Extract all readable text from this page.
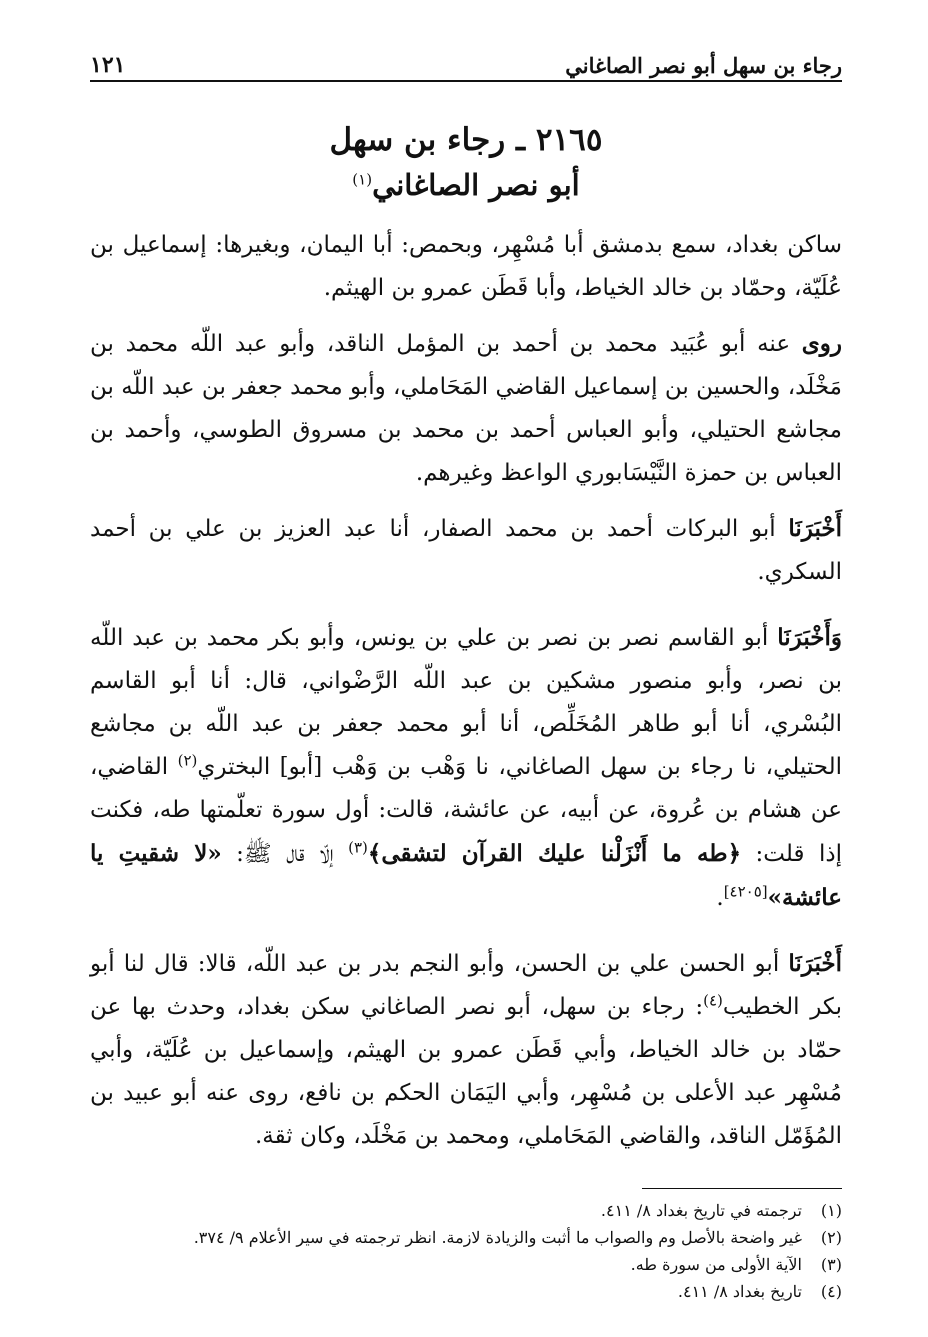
رجاء بن سهل أبو نصر الصاغاني
١٢١
٢١٦٥ ـ رجاء بن سهل
أبو نصر الصاغاني$^{(١)}$

ساكن بغداد، سمع بدمشق أبا مُسْهِر، وبحمص: أبا اليمان، وبغيرها: إسماعيل بن عُلَيّة، وحمّاد بن خالد الخياط، وأبا قَطَن عمرو بن الهيثم.

روى عنه أبو عُبَيد محمد بن أحمد بن المؤمل الناقد، وأبو عبد اللّه محمد بن مَخْلَد، والحسين بن إسماعيل القاضي المَحَاملي، وأبو محمد جعفر بن عبد اللّه بن مجاشع الحتيلي، وأبو العباس أحمد بن محمد بن مسروق الطوسي، وأحمد بن العباس بن حمزة النَّيْسَابوري الواعظ وغيرهم.

أَخْبَرَنَا أبو البركات أحمد بن محمد الصفار، أنا عبد العزيز بن علي بن أحمد السكري.

وَأَخْبَرَنَا أبو القاسم نصر بن نصر بن علي بن يونس، وأبو بكر محمد بن عبد اللّه بن نصر، وأبو منصور مشكين بن عبد اللّه الرَّضْواني، قال: أنا أبو القاسم البُسْري، أنا أبو طاهر المُخَلِّص، أنا أبو محمد جعفر بن عبد اللّه بن مجاشع الحتيلي، نا رجاء بن سهل الصاغاني، نا وَهْب بن وَهْب [أبو] البختري$^{(٢)}$ القاضي، عن هشام بن عُروة، عن أبيه، عن عائشة، قالت: أول سورة تعلّمتها طه، فكنت إذا قلت: ﴿طه ما أَنْزَلْنا عليك القرآن لتشقى﴾$^{(٣)}$ إلّا قال ﷺ: «لا شقيتِ يا عائشة»[٤٢٠٥].

أَخْبَرَنَا أبو الحسن علي بن الحسن، وأبو النجم بدر بن عبد اللّه، قالا: قال لنا أبو بكر الخطيب$^{(٤)}$: رجاء بن سهل، أبو نصر الصاغاني سكن بغداد، وحدث بها عن حمّاد بن خالد الخياط، وأبي قَطَن عمرو بن الهيثم، وإسماعيل بن عُلَيّة، وأبي مُسْهِر عبد الأعلى بن مُسْهِر، وأبي اليَمَان الحكم بن نافع، روى عنه أبو عبيد بن المُؤَمّل الناقد، والقاضي المَحَاملي، ومحمد بن مَخْلَد، وكان ثقة.

(١)
ترجمته في تاريخ بغداد ٨/ ٤١١.
(٢)
غير واضحة بالأصل وم والصواب ما أثبت والزيادة لازمة. انظر ترجمته في سير الأعلام ٩/ ٣٧٤.
(٣)
الآية الأولى من سورة طه.
(٤)
تاريخ بغداد ٨/ ٤١١.
